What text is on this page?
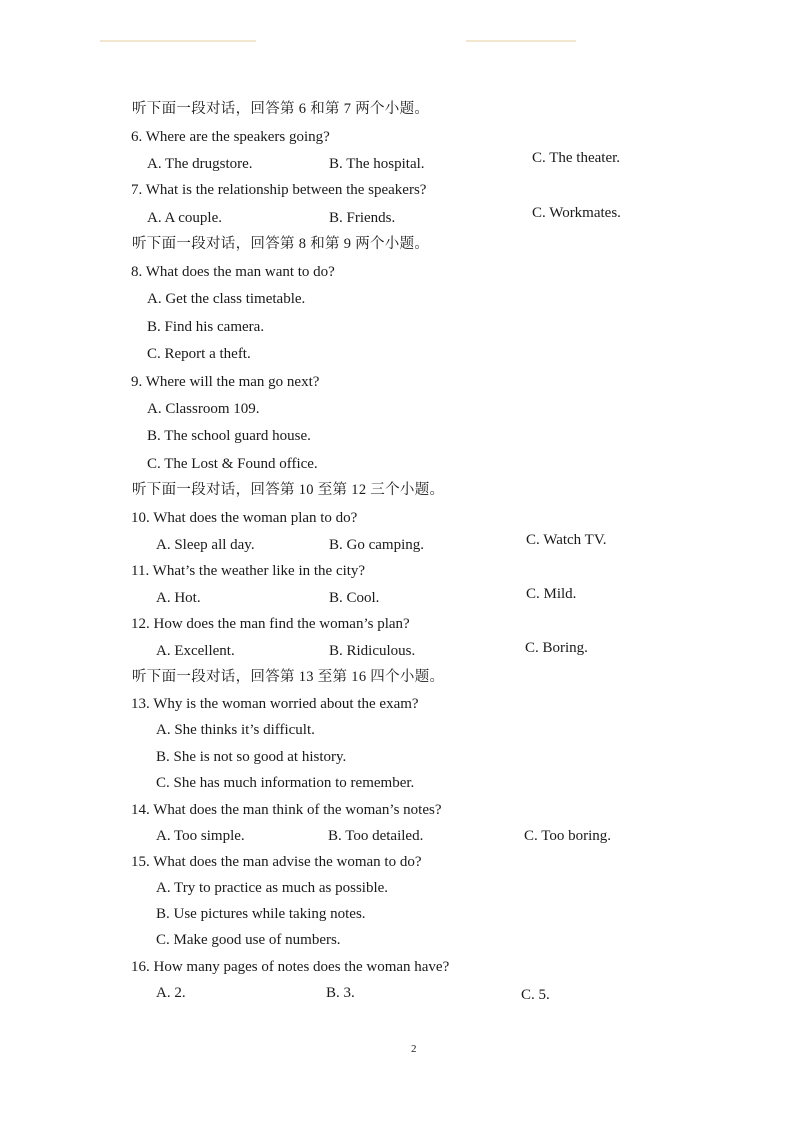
听下面一段对话，回答第 6 和第 7 两个小题。
6. Where are the speakers going?
A. The drugstore.	B. The hospital.	C. The theater.
7. What is the relationship between the speakers?
A. A couple.	B. Friends.	C. Workmates.
听下面一段对话，回答第 8 和第 9 两个小题。
8. What does the man want to do?
A. Get the class timetable.
B. Find his camera.
C. Report a theft.
9. Where will the man go next?
A. Classroom 109.
B. The school guard house.
C. The Lost & Found office.
听下面一段对话，回答第 10 至第 12 三个小题。
10. What does the woman plan to do?
A. Sleep all day.	B. Go camping.	C. Watch TV.
11. What’s the weather like in the city?
A. Hot.	B. Cool.	C. Mild.
12. How does the man find the woman’s plan?
A. Excellent.	B. Ridiculous.	C. Boring.
听下面一段对话，回答第 13 至第 16 四个小题。
13. Why is the woman worried about the exam?
A. She thinks it’s difficult.
B. She is not so good at history.
C. She has much information to remember.
14. What does the man think of the woman’s notes?
A. Too simple.	B. Too detailed.	C. Too boring.
15. What does the man advise the woman to do?
A. Try to practice as much as possible.
B. Use pictures while taking notes.
C. Make good use of numbers.
16. How many pages of notes does the woman have?
A. 2.	B. 3.	C. 5.
2
